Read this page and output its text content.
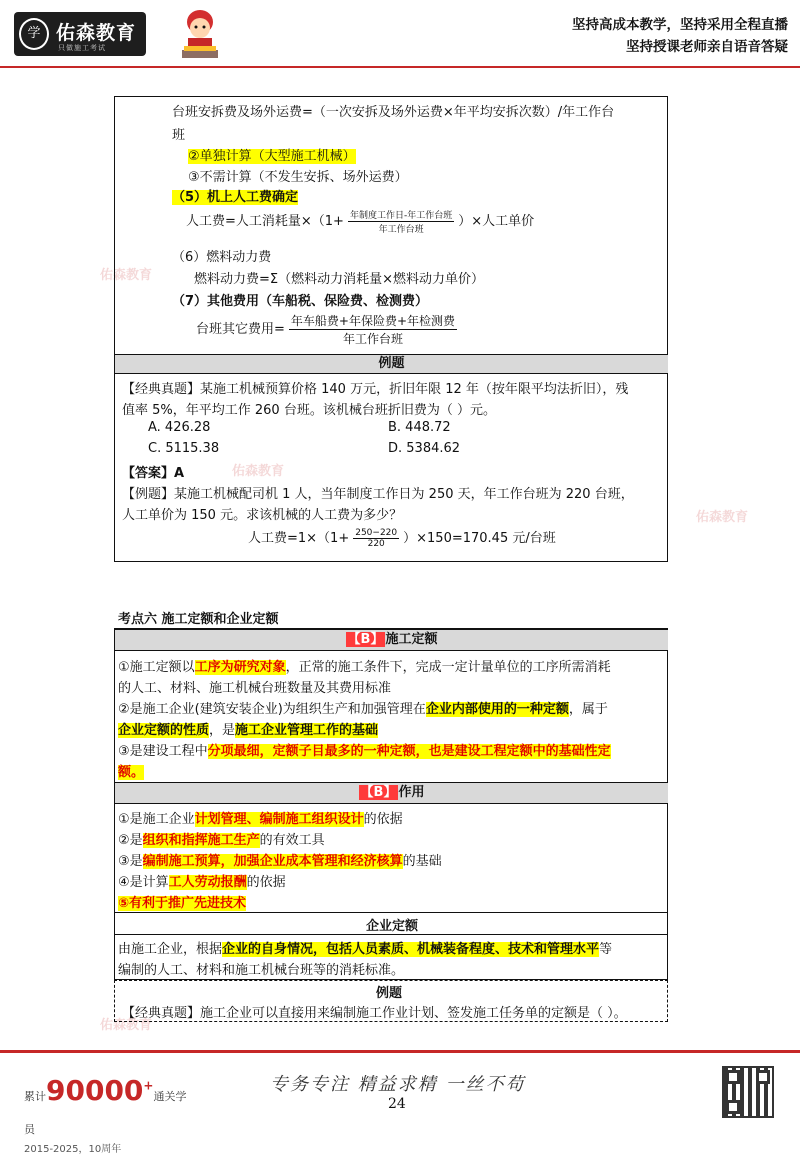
学 佑森教育
只做施工考试
坚持高成本教学，坚持采用全程直播
坚持授课老师亲自语音答疑
佑森教育
佑森教育
佑森教育
佑森教育
台班安拆费及场外运费=（一次安拆及场外运费×年平均安拆次数）/年工作台
班
②单独计算（大型施工机械）
③不需计算（不发生安拆、场外运费）
（5）机上人工费确定
人工费=人工消耗量$\times(1+ \frac{\text{年制度工作日-年工作台班}}{\text{年工作台班}}$ ）×人工单价
（6）燃料动力费
燃料动力费=Σ（燃料动力消耗量×燃料动力单价）
（7）其他费用（车船税、保险费、检测费）
台班其它费用= $\frac{\text{年车船费+年保险费+年检测费}}{\text{年工作台班}}$
例题
【经典真题】某施工机械预算价格 140 万元，折旧年限 12 年（按年限平均法折旧），残
值率 5%，年平均工作 260 台班。该机械台班折旧费为（ ）元。
A. 426.28	B. 448.72
C. 5115.38	D. 5384.62
【答案】A
【例题】某施工机械配司机 1 人，当年制度工作日为 250 天，年工作台班为 220 台班，
人工单价为 150 元。求该机械的人工费为多少？
人工费$=1\times(1+ \frac{250-220}{220} )\times 150=170.45$ 元/台班
考点六 施工定额和企业定额
【B】 施工定额
①施工定额以工序为研究对象，正常的施工条件下，完成一定计量单位的工序所需消耗
的人工、材料、施工机械台班数量及其费用标准
②是施工企业(建筑安装企业)为组织生产和加强管理在企业内部使用的一种定额，属于
企业定额的性质，是施工企业管理工作的基础
③是建设工程中分项最细，定额子目最多的一种定额，也是建设工程定额中的基础性定
额。
【B】 作用
①是施工企业计划管理、编制施工组织设计的依据
②是组织和指挥施工生产的有效工具
③是编制施工预算，加强企业成本管理和经济核算的基础
④是计算工人劳动报酬的依据
⑤有利于推广先进技术
企业定额
由施工企业，根据企业的自身情况，包括人员素质、机械装备程度、技术和管理水平等
编制的人工、材料和施工机械台班等的消耗标准。
例题
【经典真题】施工企业可以直接用来编制施工作业计划、签发施工任务单的定额是（ ）。
累计90000+通关学员
2015-2025，10周年
专务专注 精益求精 一丝不苟
24
